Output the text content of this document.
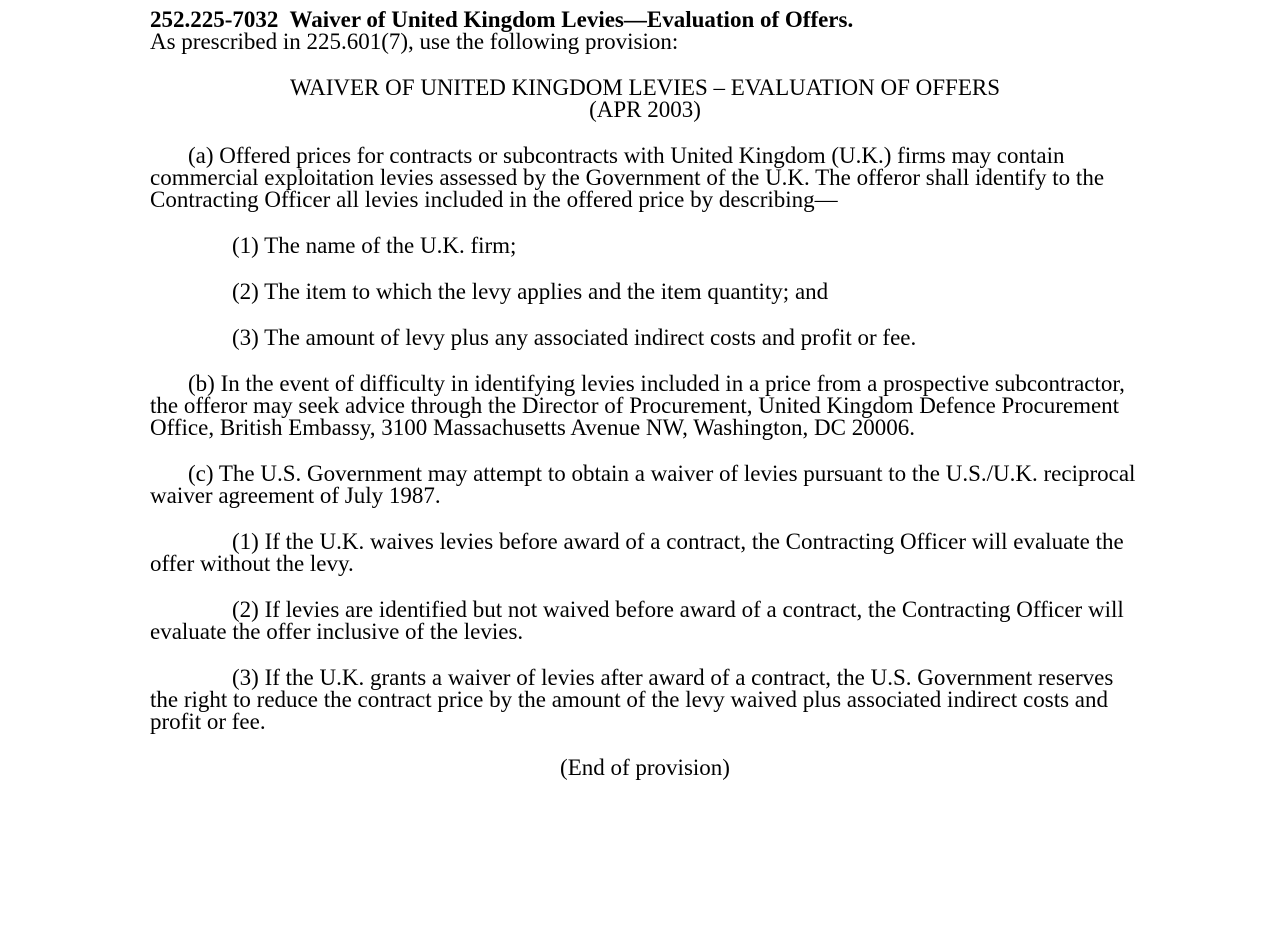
252.225-7032 Waiver of United Kingdom Levies—Evaluation of Offers.

As prescribed in 225.601(7), use the following provision:

WAIVER OF UNITED KINGDOM LEVIES – EVALUATION OF OFFERS

(APR 2003)

(a) Offered prices for contracts or subcontracts with United Kingdom (U.K.) firms may contain commercial exploitation levies assessed by the Government of the U.K. The offeror shall identify to the Contracting Officer all levies included in the offered price by describing—

(1) The name of the U.K. firm;

(2) The item to which the levy applies and the item quantity; and

(3) The amount of levy plus any associated indirect costs and profit or fee.

(b) In the event of difficulty in identifying levies included in a price from a prospective subcontractor, the offeror may seek advice through the Director of Procurement, United Kingdom Defence Procurement Office, British Embassy, 3100 Massachusetts Avenue NW, Washington, DC 20006.

(c) The U.S. Government may attempt to obtain a waiver of levies pursuant to the U.S./U.K. reciprocal waiver agreement of July 1987.

(1) If the U.K. waives levies before award of a contract, the Contracting Officer will evaluate the offer without the levy.

(2) If levies are identified but not waived before award of a contract, the Contracting Officer will evaluate the offer inclusive of the levies.

(3) If the U.K. grants a waiver of levies after award of a contract, the U.S. Government reserves the right to reduce the contract price by the amount of the levy waived plus associated indirect costs and profit or fee.

(End of provision)
